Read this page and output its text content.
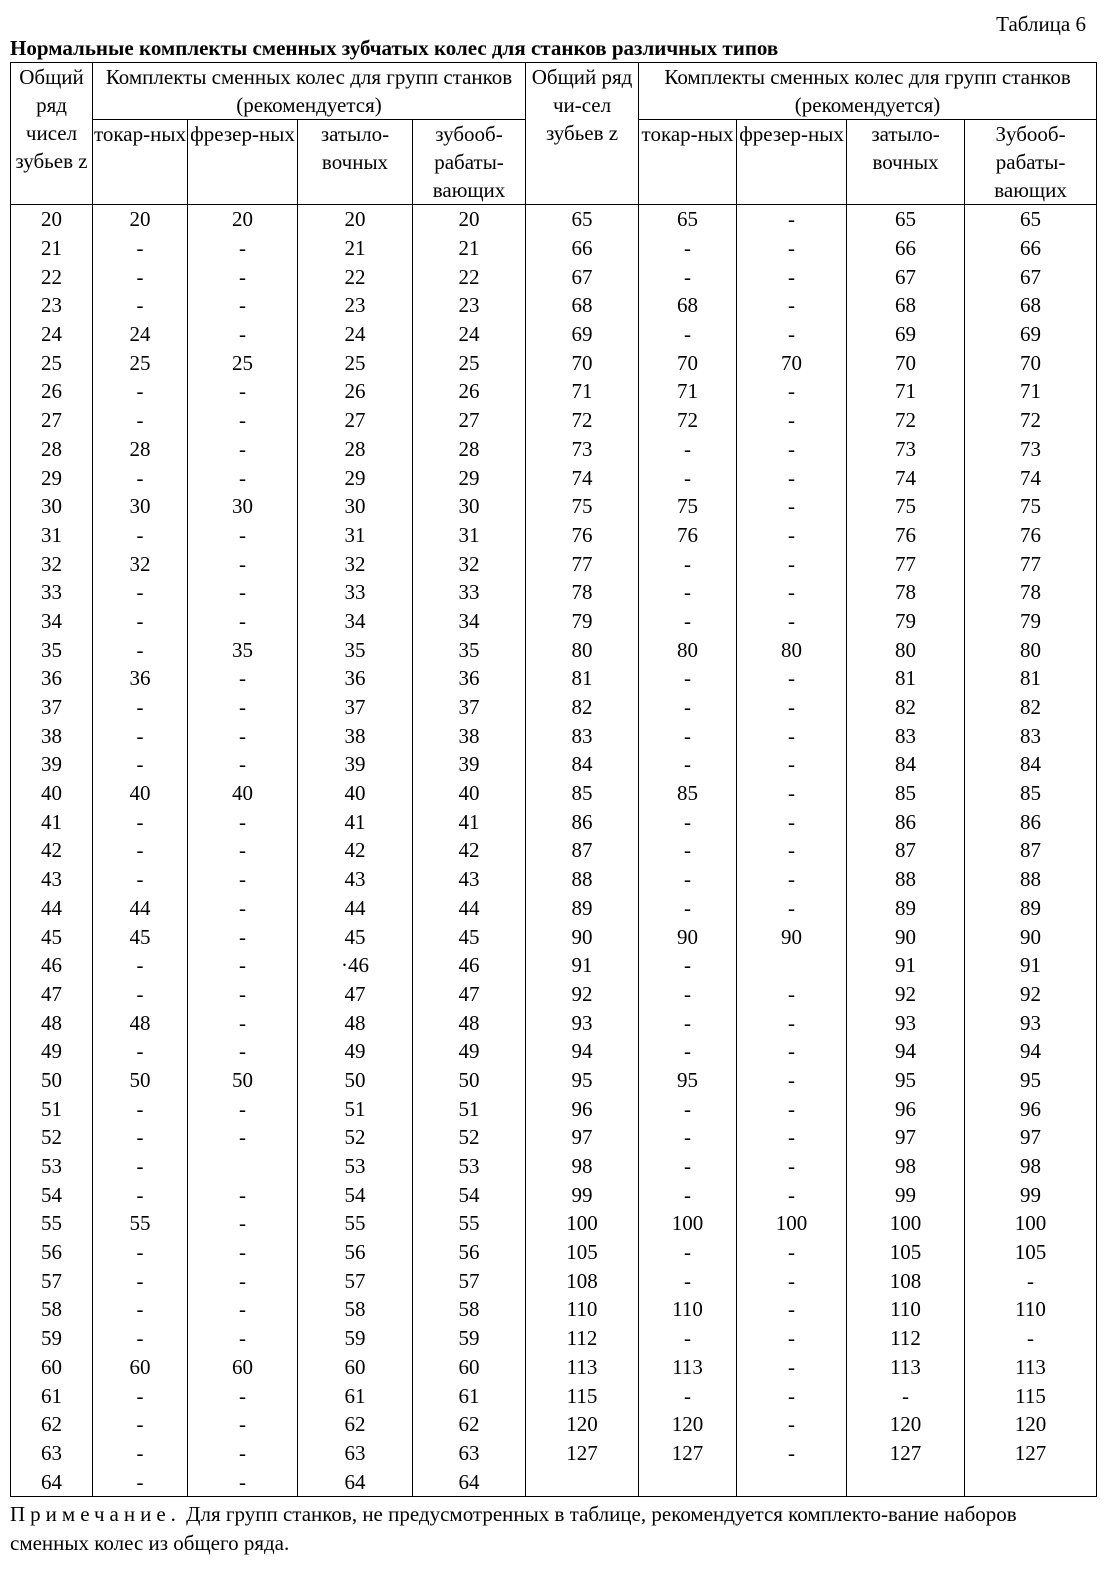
Таблица 6
Нормальные комплекты сменных зубчатых колес для станков различных типов
Общий ряд чисел зубьев z	Комплекты сменных колес для групп станков (рекомендуется)				Общий ряд чи-сел зубьев z	Комплекты сменных колес для групп станков (рекомендуется)			
	токар-ных	фрезер-ных	затыло-вочных	зубооб-рабаты-вающих		токар-ных	фрезер-ных	затыло-вочных	Зубооб-рабаты-вающих
20	20	20	20	20	65	65	-	65	65
21	-	-	21	21	66	-	-	66	66
22	-	-	22	22	67	-	-	67	67
23	-	-	23	23	68	68	-	68	68
24	24	-	24	24	69	-	-	69	69
25	25	25	25	25	70	70	70	70	70
26	-	-	26	26	71	71	-	71	71
27	-	-	27	27	72	72	-	72	72
28	28	-	28	28	73	-	-	73	73
29	-	-	29	29	74	-	-	74	74
30	30	30	30	30	75	75	-	75	75
31	-	-	31	31	76	76	-	76	76
32	32	-	32	32	77	-	-	77	77
33	-	-	33	33	78	-	-	78	78
34	-	-	34	34	79	-	-	79	79
35	-	35	35	35	80	80	80	80	80
36	36	-	36	36	81	-	-	81	81
37	-	-	37	37	82	-	-	82	82
38	-	-	38	38	83	-	-	83	83
39	-	-	39	39	84	-	-	84	84
40	40	40	40	40	85	85	-	85	85
41	-	-	41	41	86	-	-	86	86
42	-	-	42	42	87	-	-	87	87
43	-	-	43	43	88	-	-	88	88
44	44	-	44	44	89	-	-	89	89
45	45	-	45	45	90	90	90	90	90
46	-	-	·46	46	91	-		91	91
47	-	-	47	47	92	-	-	92	92
48	48	-	48	48	93	-	-	93	93
49	-	-	49	49	94	-	-	94	94
50	50	50	50	50	95	95	-	95	95
51	-	-	51	51	96	-	-	96	96
52	-	-	52	52	97	-	-	97	97
53	-		53	53	98	-	-	98	98
54	-	-	54	54	99	-	-	99	99
55	55	-	55	55	100	100	100	100	100
56	-	-	56	56	105	-	-	105	105
57	-	-	57	57	108	-	-	108	-
58	-	-	58	58	110	110	-	110	110
59	-	-	59	59	112	-	-	112	-
60	60	60	60	60	113	113	-	113	113
61	-	-	61	61	115	-	-	-	115
62	-	-	62	62	120	120	-	120	120
63	-	-	63	63	127	127	-	127	127
64	-	-	64	64					
Примечание. Для групп станков, не предусмотренных в таблице, рекомендуется комплекто-вание наборов сменных колес из общего ряда.
